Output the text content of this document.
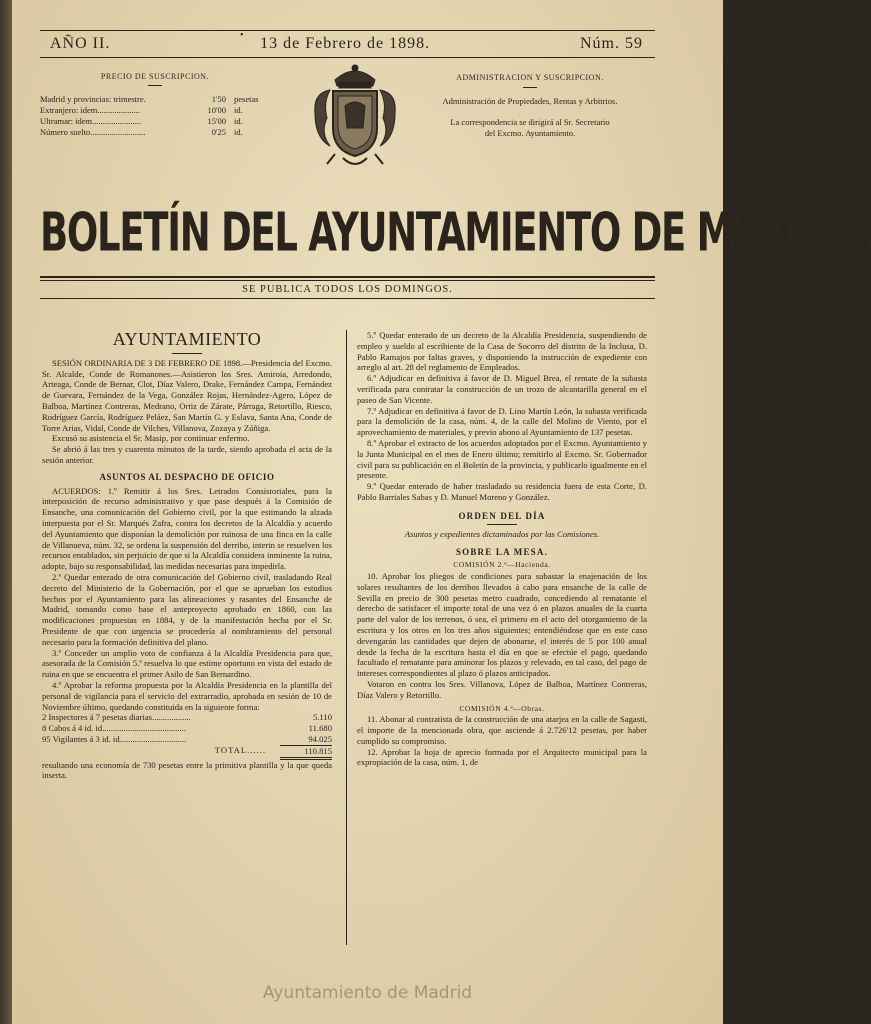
•
AÑO II.	13 de Febrero de 1898.	Núm. 59
PRECIO DE SUSCRIPCION.
Madrid y provincias: trimestre.	1'50 pesetas
Extranjero: idem....................	10'00 id.
Ultramar: idem.......................	15'00 id.
Número suelto..........................	0'25 id.
ADMINISTRACION Y SUSCRIPCION.
Administración de Propiedades, Rentas y Arbitrios.
La correspondencia se dirigirá al Sr. Secretario
del Excmo. Ayuntamiento.
BOLETÍN DEL AYUNTAMIENTO DE MADRID.
SE PUBLICA TODOS LOS DOMINGOS.
AYUNTAMIENTO

SESIÓN ORDINARIA DE 3 DE FEBRERO DE 1898.—Presidencia del Excmo. Sr. Alcalde, Conde de Romanones.—Asistieron los Sres. Amiroia, Arredondo, Arteaga, Conde de Bernar, Clot, Díaz Valero, Drake, Fernández Campa, Fernández de Guevara, Fernández de la Vega, González Rojas, Hernández-Agero, López de Balboa, Martínez Contreras, Medrano, Ortiz de Zárate, Párraga, Retortillo, Riesco, Rodríguez García, Rodríguez Peláez, San Martín G. y Eslava, Santa Ana, Conde de Torre Arias, Vidal, Conde de Vilches, Villanova, Zozaya y Zúñiga.

Excusó su asistencia el Sr. Masip, por continuar enfermo.

Se abrió á las tres y cuarenta minutos de la tarde, siendo aprobada el acta de la sesión anterior.

ASUNTOS AL DESPACHO DE OFICIO

ACUERDOS: 1.º Remitir á los Sres. Letrados Consistoriales, para la interposición de recurso administrativo y que pase después á la Comisión de Ensanche, una comunicación del Gobierno civil, por la que estimando la alzada interpuesta por el Sr. Marqués Zafra, contra los decretos de la Alcaldía y acuerdo del Ayuntamiento que disponían la demolición por ruinosa de una finca en la calle de Villanueva, núm. 32, se ordena la suspensión del derribo, interin se resuelven los recursos entablados, sin perjuicio de que si la Alcaldía considera inminente la ruina, adopte, bajo su responsabilidad, las medidas necesarias para impedirla.

2.º Quedar enterado de otra comunicación del Gobierno civil, trasladando Real decreto del Ministerio de la Gobernación, por el que se aprueban los estudios hechos por el Ayuntamiento para las alineaciones y rasantes del Ensanche de Madrid, tomando como base el anteproyecto aprobado en 1860, con las modificaciones propuestas en 1884, y de la manifestación hecha por el Sr. Presidente de que con urgencia se procedería al nombramiento del personal necesario para la formación definitiva del plano.

3.º Conceder un amplio voto de confianza á la Alcaldía Presidencia para que, asesorada de la Comisión 5.ª resuelva lo que estime oportuno en vista del estado de ruina en que se encuentra el primer Asilo de San Bernardino.

4.º Aprobar la reforma propuesta por la Alcaldía Presidencia en la plantilla del personal de vigilancia para el servicio del extrarradio, aprobada en sesión de 10 de Noviembre último, quedando constituida en la siguiente forma:

2 Inspectores á 7 pesetas diarias..................	5.110
8 Cabos á 4 id. id.......................................	11.680
95 Vigilantes á 3 id. id...............................	94.025
TOTAL......	110.815

resultando una economía de 730 pesetas entre la primitiva plantilla y la que queda inserta.

5.º Quedar enterado de un decreto de la Alcaldía Presidencia, suspendiendo de empleo y sueldo al escribiente de la Casa de Socorro del distrito de la Inclusa, D. Pablo Ramajos por faltas graves, y disponiendo la instrucción de expediente con arreglo al art. 28 del reglamento de Empleados.

6.º Adjudicar en definitiva á favor de D. Miguel Brea, el remate de la subasta verificada para contratar la construcción de un trozo de alcantarilla general en el paseo de San Vicente.

7.º Adjudicar en definitiva á favor de D. Lino Martín León, la subasta verificada para la demolición de la casa, núm. 4, de la calle del Molino de Viento, por el aprovechamiento de materiales, y previo abono al Ayuntamiento de 137 pesetas.

8.º Aprobar el extracto de los acuerdos adoptados por el Excmo. Ayuntamiento y la Junta Municipal en el mes de Enero último; remitirlo al Excmo. Sr. Gobernador civil para su publicación en el Boletín de la provincia, y publicarlo igualmente en el presente.

9.º Quedar enterado de haber trasladado su residencia fuera de esta Corte, D. Pablo Barriales Sabas y D. Manuel Moreno y González.

ORDEN DEL DÍA
Asuntos y expedientes dictaminados por las Comisiones.
SOBRE LA MESA.
COMISIÓN 2.ª—Hacienda.

10. Aprobar los pliegos de condiciones para subastar la enajenación de los solares resultantes de los derribos llevados á cabo para ensanche de la calle de Sevilla en precio de 300 pesetas metro cuadrado, concediendo al rematante el derecho de satisfacer el importe total de una vez ó en plazos anuales de la cuarta parte del valor de los terrenos, ó sea, el primero en el acto del otorgamiento de la escritura y los otros en los tres años siguientes; entendiéndose que en este caso devengarán las cantidades que dejen de abonarse, el interés de 5 por 100 anual desde la fecha de la escritura hasta el día en que se efectúe el pago, quedando facultado el rematante para aminorar los plazos y relevado, en tal caso, del pago de intereses correspondientes al plazo ó plazos anticipados.

Votaron en contra los Sres. Villanova, López de Balboa, Martínez Contreras, Díaz Valero y Retortillo.

COMISIÓN 4.ª—Obras.

11. Abonar al contratista de la construcción de una atarjea en la calle de Sagasti, el importe de la mencionada obra, que asciende á 2.726'12 pesetas, por haber cumplido su compromiso.

12. Aprobar la hoja de aprecio formada por el Arquitecto municipal para la expropiación de la casa, núm. 1, de

Ayuntamiento de Madrid
